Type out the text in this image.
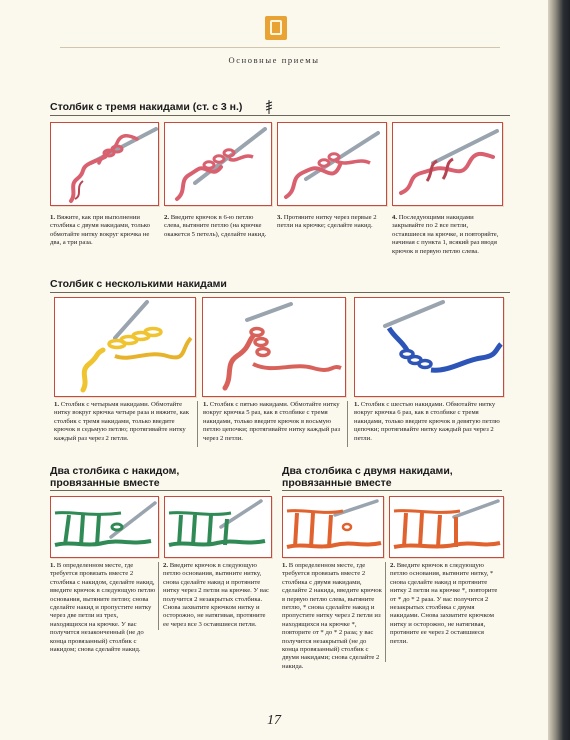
Основные приемы
Столбик с тремя накидами (ст. с 3 н.)

1. Вяжите, как при выполнении столбика с двумя накидами, только обмотайте нитку вокруг крючка не два, а три раза.

2. Введите крючок в 6-ю петлю слева, вытяните петлю (на крючке окажется 5 петель), сделайте накид.

3. Протяните нитку через первые 2 петли на крючке; сделайте накид.

4. Последующими накидами закрывайте по 2 все петли, оставшиеся на крючке, и повторяйте, начиная с пункта 1, всякий раз вводя крючок в первую петлю слева.

Столбик с несколькими накидами

1. Столбик с четырьмя накидами. Обмотайте нитку вокруг крючка четыре раза и вяжите, как столбик с тремя накидами, только введите крючок в седьмую петлю; протягивайте нитку каждый раз через 2 петли.

1. Столбик с пятью накидами. Обмотайте нитку вокруг крючка 5 раз, как в столбике с тремя накидами, только введите крючок в восьмую петлю цепочки; протягивайте нитку каждый раз через 2 петли.

1. Столбик с шестью накидами. Обмотайте нитку вокруг крючка 6 раз, как в столбике с тремя накидами, только введите крючок в девятую петлю цепочки; протягивайте нитку каждый раз через 2 петли.

Два столбика с накидом,
провязанные вместе
Два столбика с двумя накидами,
провязанные вместе

1. В определенном месте, где требуется провязать вместе 2 столбика с накидом, сделайте накид, введите крючок в следующую петлю основания, вытяните петлю; снова сделайте накид и пропустите нитку через две петли из трех, находящихся на крючке. У вас получится незаконченный (не до конца провязанный) столбик с накидом; снова сделайте накид.

2. Введите крючок в следующую петлю основания, вытяните нитку, снова сделайте накид и протяните нитку через 2 петли на крючке. У вас получится 2 незакрытых столбика. Снова захватите крючком нитку и осторожно, не натягивая, протяните ее через все 3 оставшиеся петли.

1. В определенном месте, где требуется провязать вместе 2 столбика с двумя накидами, сделайте 2 накида, введите крючок в первую петлю слева, вытяните петлю, * снова сделайте накид и пропустите нитку через 2 петли из находящихся на крючке *, повторите от * до * 2 раза; у вас получится незакрытый (не до конца провязанный) столбик с двумя накидами; снова сделайте 2 накида.

2. Введите крючок в следующую петлю основания, вытяните нитку, * снова сделайте накид и протяните нитку 2 петли на крючке *, повторите от * до * 2 раза. У вас получится 2 незакрытых столбика с двумя накидами. Снова захватите крючком нитку и осторожно, не натягивая, протяните ее через 2 оставшиеся петли.

17
